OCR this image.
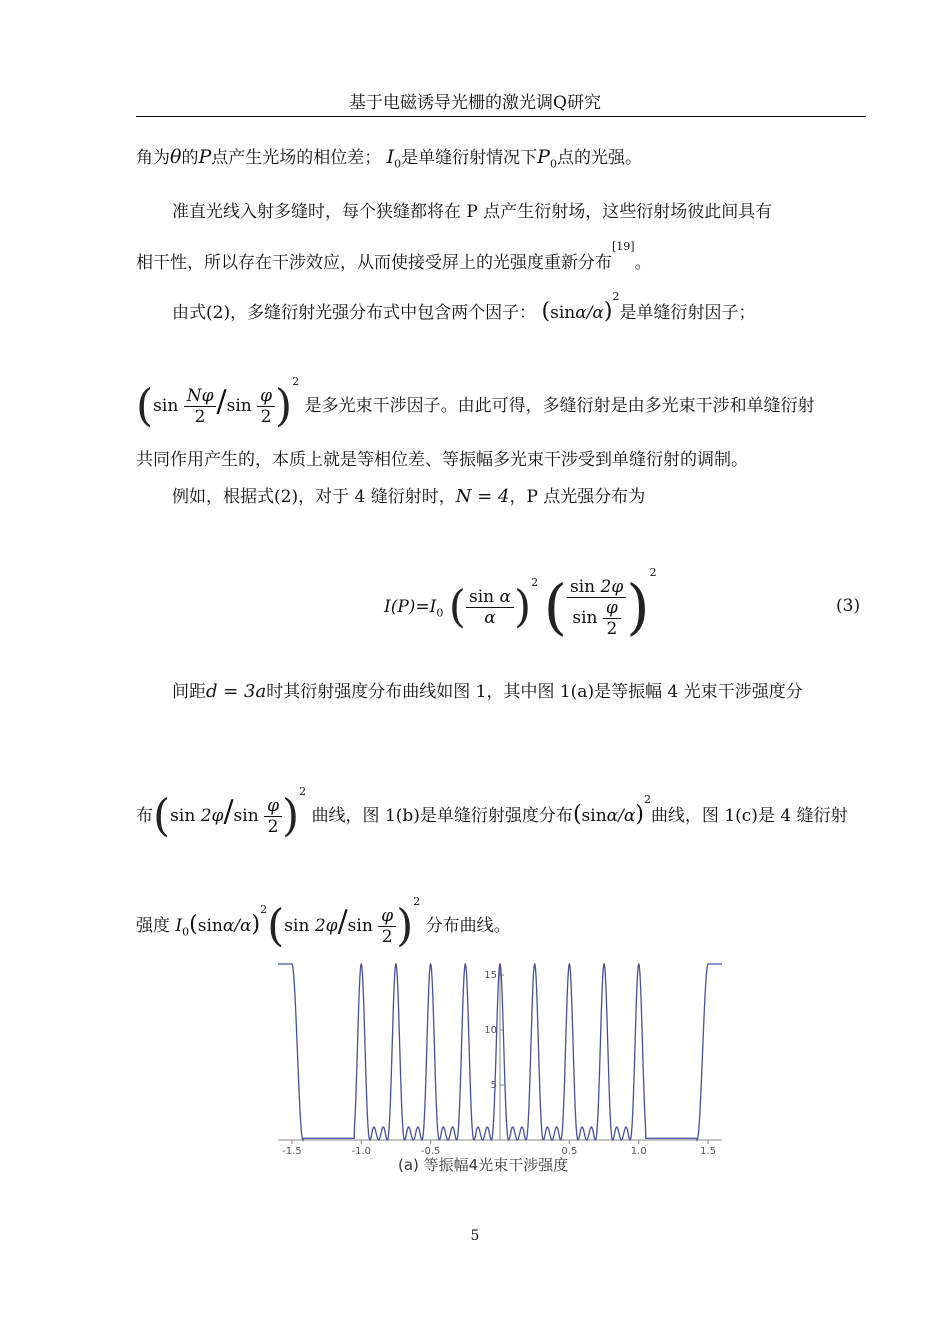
基于电磁诱导光栅的激光调Q研究
角为θ的P点产生光场的相位差； $I_0$是单缝衍射情况下$P_0$点的光强。
准直光线入射多缝时，每个狭缝都将在 P 点产生衍射场，这些衍射场彼此间具有
相干性，所以存在干涉效应，从而使接受屏上的光强度重新分布[19]。
由式(2)，多缝衍射光强分布式中包含两个因子： $(\sin\alpha/\alpha)^2$是单缝衍射因子；
$(\sin \frac{N\varphi}{2} /\sin \frac{\varphi}{2} )^2$ 是多光束干涉因子。由此可得，多缝衍射是由多光束干涉和单缝衍射
共同作用产生的，本质上就是等相位差、等振幅多光束干涉受到单缝衍射的调制。
例如，根据式(2)，对于 4 缝衍射时，N = 4，P 点光强分布为
$I(P)=I_0$ ( $\frac{\text{sin α}}{\alpha} )^2$ ( $\frac{\sin 2\varphi}{\sin \frac{\varphi}{2}} )^2$
(3)
间距d = 3a时其衍射强度分布曲线如图 1，其中图 1(a)是等振幅 4 光束干涉强度分
布(sin $2\varphi/\sin \frac{\varphi}{2} )^2$ 曲线，图 1(b)是单缝衍射强度分布$(\sin\alpha/\alpha)^2$曲线，图 1(c)是 4 缝衍射
强度 $I_0(\sin\alpha/\alpha)^2(\sin$ $2\varphi/\sin \frac{\varphi}{2} )^2$ 分布曲线。
-1.5	-1.0	-0.5	0.5	1.0	1.5
5
10
15
(a) 等振幅4光束干涉强度
5
